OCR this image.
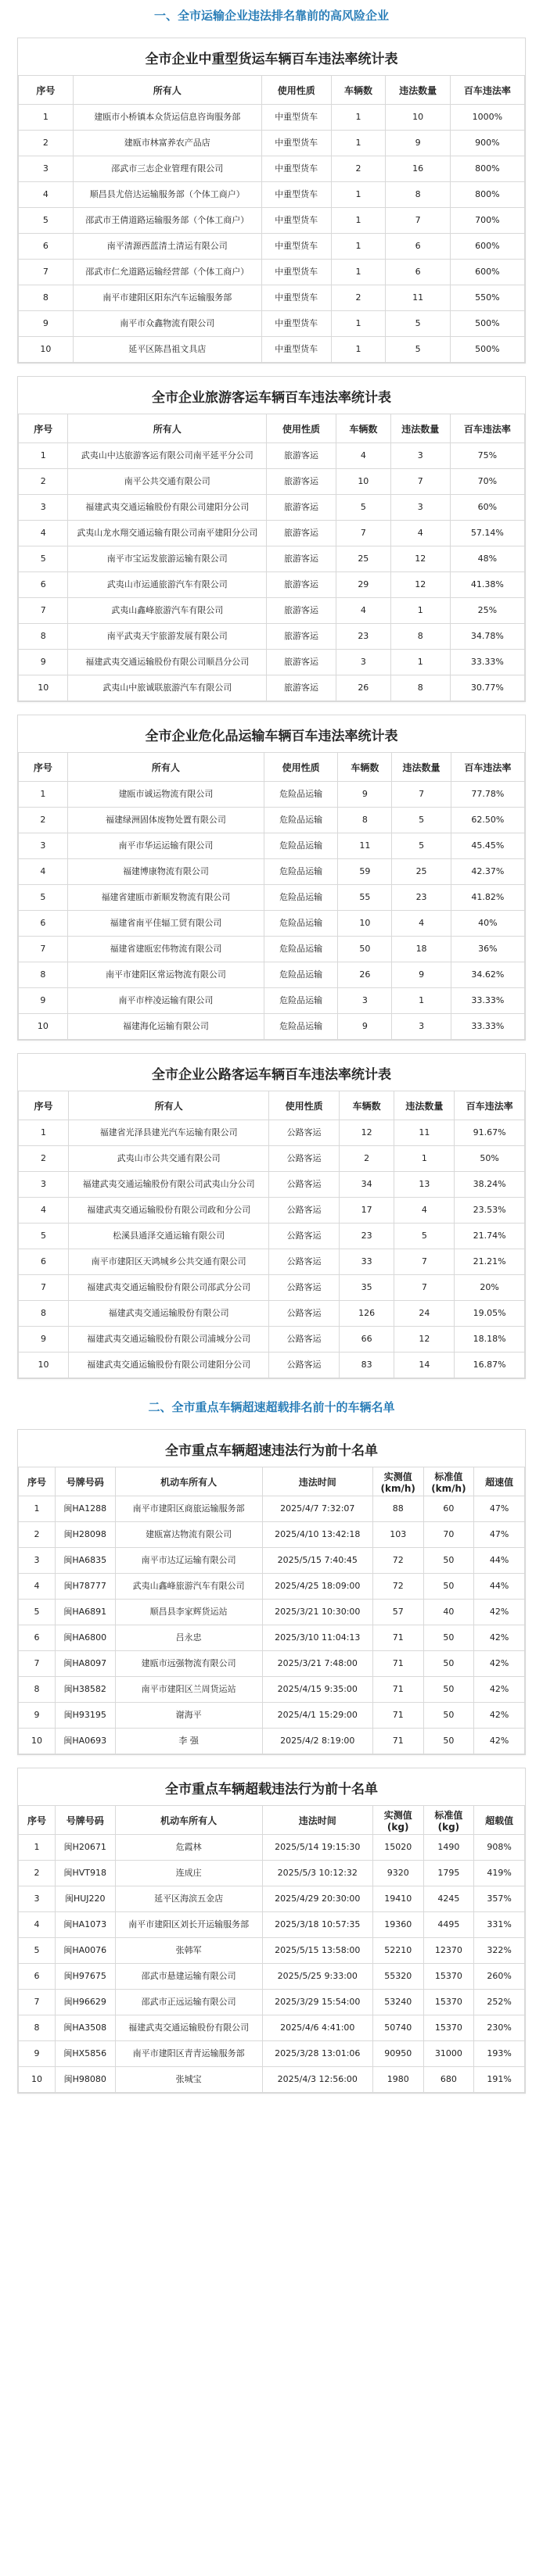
一、全市运输企业违法排名靠前的高风险企业
全市企业中重型货运车辆百车违法率统计表
序号	所有人	使用性质	车辆数	违法数量	百车违法率
1	建瓯市小桥镇本众货运信息咨询服务部	中重型货车	1	10	1000%
2	建瓯市林富养农产品店	中重型货车	1	9	900%
3	邵武市三志企业管理有限公司	中重型货车	2	16	800%
4	顺昌县尤倍达运输服务部（个体工商户）	中重型货车	1	8	800%
5	邵武市王倩道路运输服务部（个体工商户）	中重型货车	1	7	700%
6	南平清源西蓝清土清运有限公司	中重型货车	1	6	600%
7	邵武市仁允道路运输经营部（个体工商户）	中重型货车	1	6	600%
8	南平市建阳区阳东汽车运输服务部	中重型货车	2	11	550%
9	南平市众鑫物流有限公司	中重型货车	1	5	500%
10	延平区陈昌祖文具店	中重型货车	1	5	500%
全市企业旅游客运车辆百车违法率统计表
序号	所有人	使用性质	车辆数	违法数量	百车违法率
1	武夷山中达旅游客运有限公司南平延平分公司	旅游客运	4	3	75%
2	南平公共交通有限公司	旅游客运	10	7	70%
3	福建武夷交通运输股份有限公司建阳分公司	旅游客运	5	3	60%
4	武夷山龙水翔交通运输有限公司南平建阳分公司	旅游客运	7	4	57.14%
5	南平市宝运发旅游运输有限公司	旅游客运	25	12	48%
6	武夷山市运通旅游汽车有限公司	旅游客运	29	12	41.38%
7	武夷山鑫峰旅游汽车有限公司	旅游客运	4	1	25%
8	南平武夷天宇旅游发展有限公司	旅游客运	23	8	34.78%
9	福建武夷交通运输股份有限公司顺昌分公司	旅游客运	3	1	33.33%
10	武夷山中旅诚联旅游汽车有限公司	旅游客运	26	8	30.77%
全市企业危化品运输车辆百车违法率统计表
序号	所有人	使用性质	车辆数	违法数量	百车违法率
1	建瓯市诚运物流有限公司	危险品运输	9	7	77.78%
2	福建绿洲固体废物处置有限公司	危险品运输	8	5	62.50%
3	南平市华运运输有限公司	危险品运输	11	5	45.45%
4	福建博康物流有限公司	危险品运输	59	25	42.37%
5	福建省建瓯市新顺发物流有限公司	危险品运输	55	23	41.82%
6	福建省南平佳辐工贸有限公司	危险品运输	10	4	40%
7	福建省建瓯宏伟物流有限公司	危险品运输	50	18	36%
8	南平市建阳区常运物流有限公司	危险品运输	26	9	34.62%
9	南平市梓凌运输有限公司	危险品运输	3	1	33.33%
10	福建海化运输有限公司	危险品运输	9	3	33.33%
全市企业公路客运车辆百车违法率统计表
序号	所有人	使用性质	车辆数	违法数量	百车违法率
1	福建省光泽县建光汽车运输有限公司	公路客运	12	11	91.67%
2	武夷山市公共交通有限公司	公路客运	2	1	50%
3	福建武夷交通运输股份有限公司武夷山分公司	公路客运	34	13	38.24%
4	福建武夷交通运输股份有限公司政和分公司	公路客运	17	4	23.53%
5	松溪县通泽交通运输有限公司	公路客运	23	5	21.74%
6	南平市建阳区天鸿城乡公共交通有限公司	公路客运	33	7	21.21%
7	福建武夷交通运输股份有限公司邵武分公司	公路客运	35	7	20%
8	福建武夷交通运输股份有限公司	公路客运	126	24	19.05%
9	福建武夷交通运输股份有限公司浦城分公司	公路客运	66	12	18.18%
10	福建武夷交通运输股份有限公司建阳分公司	公路客运	83	14	16.87%
二、全市重点车辆超速超载排名前十的车辆名单
全市重点车辆超速违法行为前十名单
序号	号牌号码	机动车所有人	违法时间	实测值(km/h)	标准值(km/h)	超速值
1	闽HA1288	南平市建阳区商旅运输服务部	2025/4/7 7:32:07	88	60	47%
2	闽H28098	建瓯富达物流有限公司	2025/4/10 13:42:18	103	70	47%
3	闽HA6835	南平市达辽运输有限公司	2025/5/15 7:40:45	72	50	44%
4	闽H78777	武夷山鑫峰旅游汽车有限公司	2025/4/25 18:09:00	72	50	44%
5	闽HA6891	顺昌县李家辉货运站	2025/3/21 10:30:00	57	40	42%
6	闽HA6800	吕永忠	2025/3/10 11:04:13	71	50	42%
7	闽HA8097	建瓯市远强物流有限公司	2025/3/21 7:48:00	71	50	42%
8	闽H38582	南平市建阳区兰周货运站	2025/4/15 9:35:00	71	50	42%
9	闽H93195	谢海平	2025/4/1 15:29:00	71	50	42%
10	闽HA0693	李 强	2025/4/2 8:19:00	71	50	42%
全市重点车辆超载违法行为前十名单
序号	号牌号码	机动车所有人	违法时间	实测值(kg)	标准值(kg)	超载值
1	闽H20671	危霞林	2025/5/14 19:15:30	15020	1490	908%
2	闽HVT918	连成庄	2025/5/3 10:12:32	9320	1795	419%
3	闽HUJ220	延平区海滨五金店	2025/4/29 20:30:00	19410	4245	357%
4	闽HA1073	南平市建阳区刘长开运输服务部	2025/3/18 10:57:35	19360	4495	331%
5	闽HA0076	张韩军	2025/5/15 13:58:00	52210	12370	322%
6	闽H97675	邵武市悬建运输有限公司	2025/5/25 9:33:00	55320	15370	260%
7	闽H96629	邵武市正远运输有限公司	2025/3/29 15:54:00	53240	15370	252%
8	闽HA3508	福建武夷交通运输股份有限公司	2025/4/6 4:41:00	50740	15370	230%
9	闽HX5856	南平市建阳区青青运输服务部	2025/3/28 13:01:06	90950	31000	193%
10	闽H98080	张城宝	2025/4/3 12:56:00	1980	680	191%
